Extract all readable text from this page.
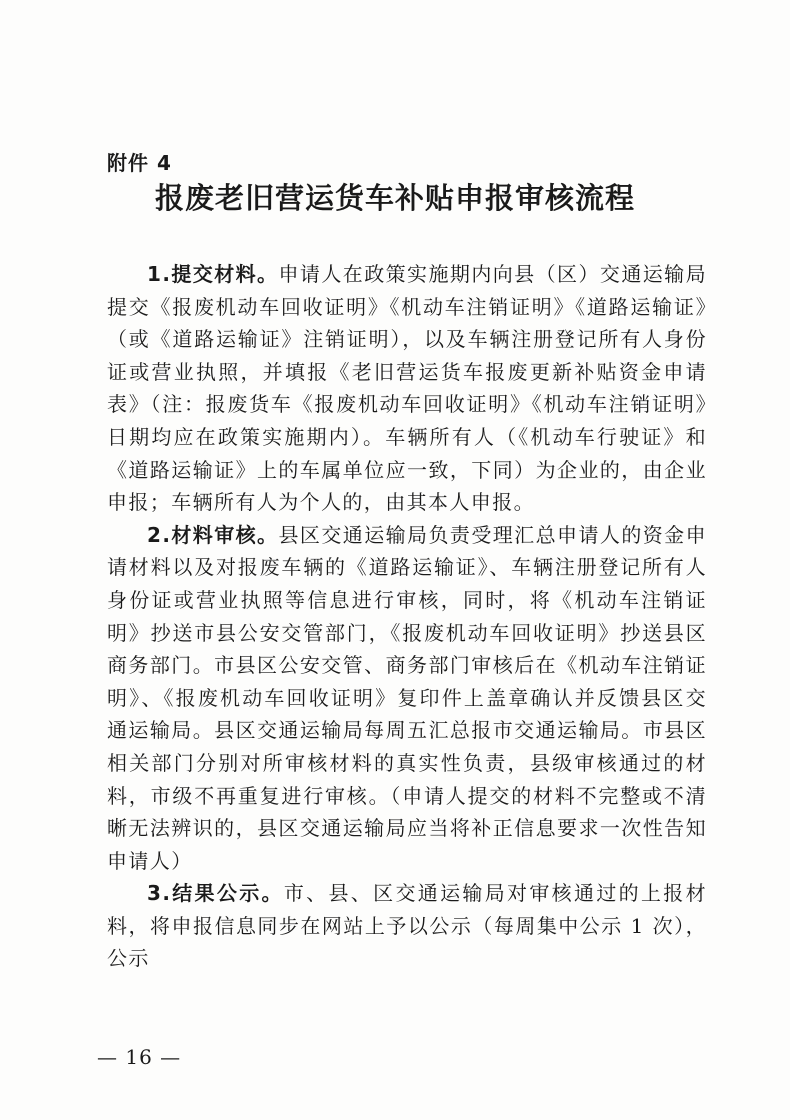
附件 4
报废老旧营运货车补贴申报审核流程

1.提交材料。申请人在政策实施期内向县（区）交通运输局提交《报废机动车回收证明》《机动车注销证明》《道路运输证》（或《道路运输证》注销证明），以及车辆注册登记所有人身份证或营业执照，并填报《老旧营运货车报废更新补贴资金申请表》（注：报废货车《报废机动车回收证明》《机动车注销证明》日期均应在政策实施期内）。车辆所有人（《机动车行驶证》和《道路运输证》上的车属单位应一致，下同）为企业的，由企业申报；车辆所有人为个人的，由其本人申报。

2.材料审核。县区交通运输局负责受理汇总申请人的资金申请材料以及对报废车辆的《道路运输证》、车辆注册登记所有人身份证或营业执照等信息进行审核，同时，将《机动车注销证明》抄送市县公安交管部门，《报废机动车回收证明》抄送县区商务部门。市县区公安交管、商务部门审核后在《机动车注销证明》、《报废机动车回收证明》复印件上盖章确认并反馈县区交通运输局。县区交通运输局每周五汇总报市交通运输局。市县区相关部门分别对所审核材料的真实性负责，县级审核通过的材料，市级不再重复进行审核。（申请人提交的材料不完整或不清晰无法辨识的，县区交通运输局应当将补正信息要求一次性告知申请人）

3.结果公示。市、县、区交通运输局对审核通过的上报材料，将申报信息同步在网站上予以公示（每周集中公示 1 次），公示

— 16 —
